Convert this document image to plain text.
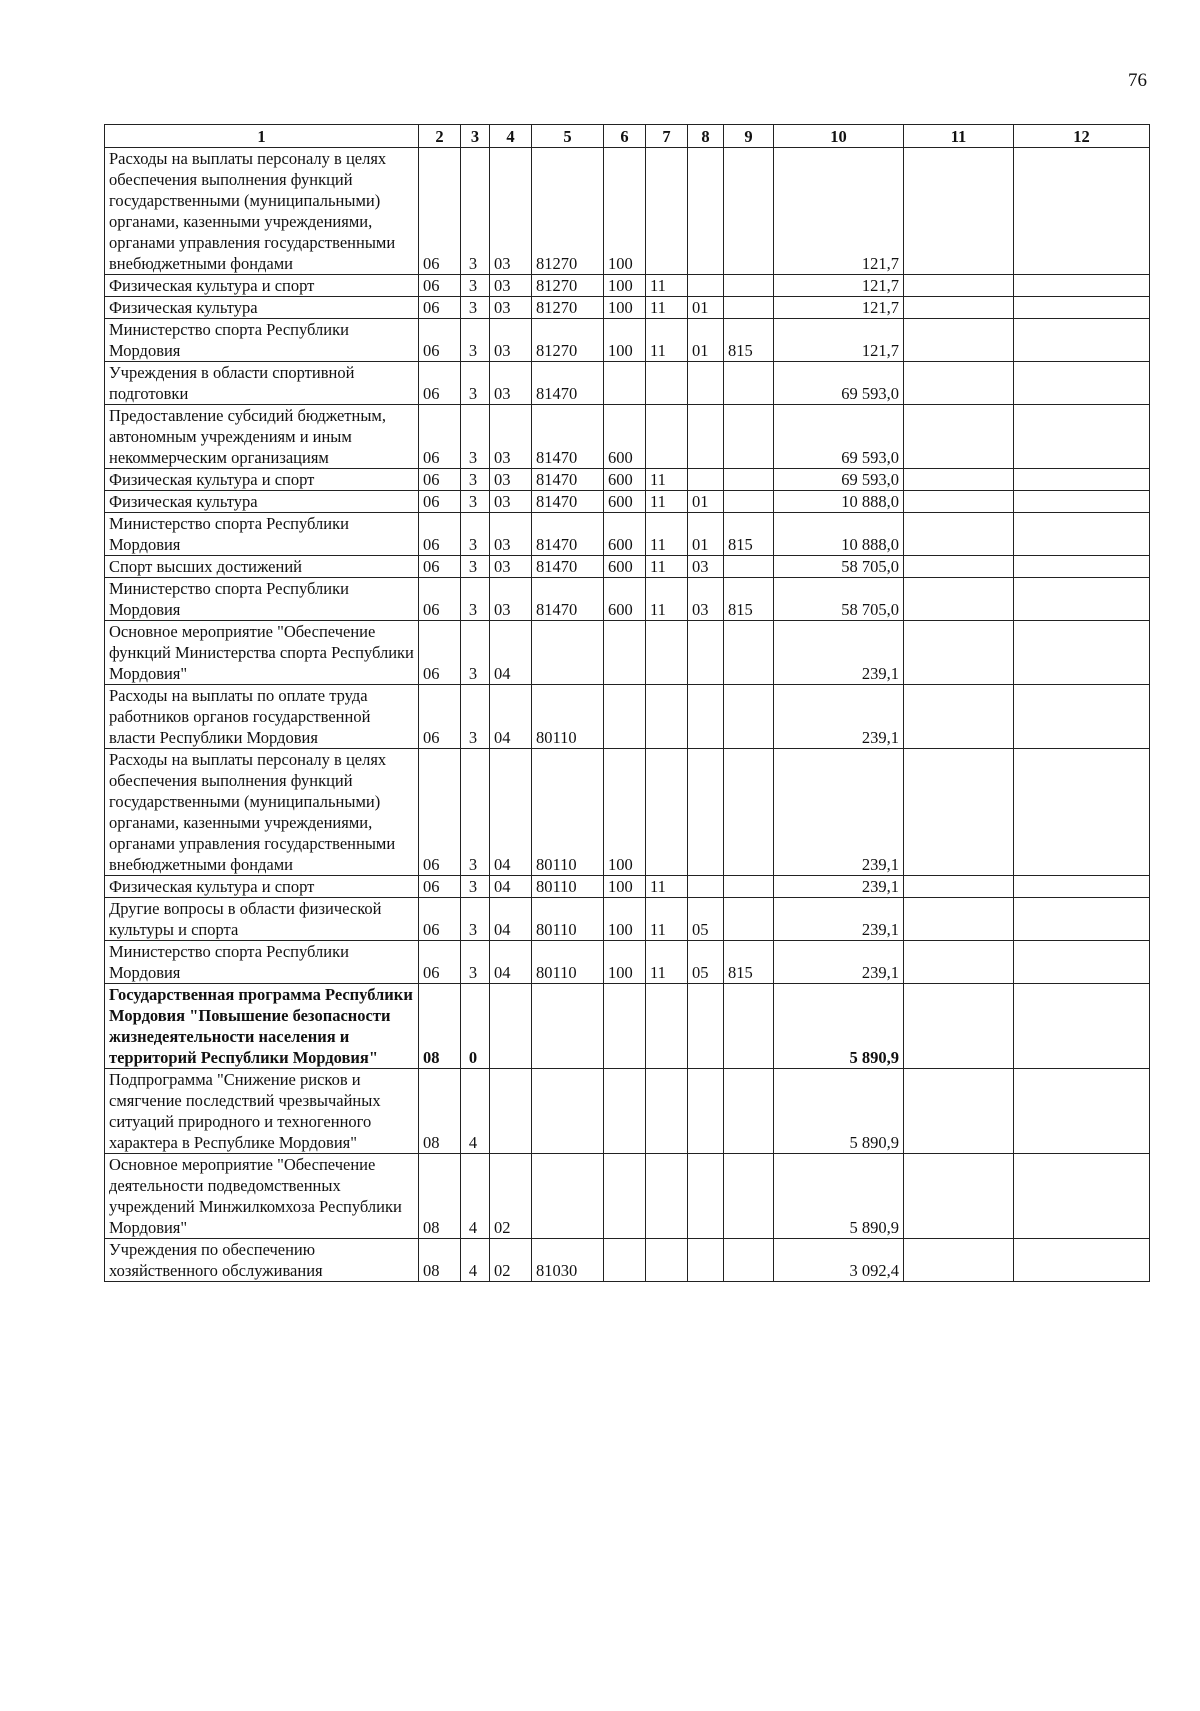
76
1	2	3	4	5	6	7	8	9	10	11	12
Расходы на выплаты персоналу в целях обеспечения выполнения функций государственными (муниципальными) органами, казенными учреждениями, органами управления государственными внебюджетными фондами	06	3	03	81270	100				121,7		
Физическая культура и спорт	06	3	03	81270	100	11			121,7		
Физическая культура	06	3	03	81270	100	11	01		121,7		
Министерство спорта Республики Мордовия	06	3	03	81270	100	11	01	815	121,7		
Учреждения в области спортивной подготовки	06	3	03	81470					69 593,0		
Предоставление субсидий бюджетным, автономным учреждениям и иным некоммерческим организациям	06	3	03	81470	600				69 593,0		
Физическая культура и спорт	06	3	03	81470	600	11			69 593,0		
Физическая культура	06	3	03	81470	600	11	01		10 888,0		
Министерство спорта Республики Мордовия	06	3	03	81470	600	11	01	815	10 888,0		
Спорт высших достижений	06	3	03	81470	600	11	03		58 705,0		
Министерство спорта Республики Мордовия	06	3	03	81470	600	11	03	815	58 705,0		
Основное мероприятие "Обеспечение функций Министерства спорта Республики Мордовия"	06	3	04						239,1		
Расходы на выплаты по оплате труда работников органов государственной власти Республики Мордовия	06	3	04	80110					239,1		
Расходы на выплаты персоналу в целях обеспечения выполнения функций государственными (муниципальными) органами, казенными учреждениями, органами управления государственными внебюджетными фондами	06	3	04	80110	100				239,1		
Физическая культура и спорт	06	3	04	80110	100	11			239,1		
Другие вопросы в области физической культуры и спорта	06	3	04	80110	100	11	05		239,1		
Министерство спорта Республики Мордовия	06	3	04	80110	100	11	05	815	239,1		
Государственная программа Республики Мордовия "Повышение безопасности жизнедеятельности населения и территорий Республики Мордовия"	08	0							5 890,9		
Подпрограмма "Снижение рисков и смягчение последствий чрезвычайных ситуаций природного и техногенного характера в Республике Мордовия"	08	4							5 890,9		
Основное мероприятие "Обеспечение деятельности подведомственных учреждений Минжилкомхоза Республики Мордовия"	08	4	02						5 890,9		
Учреждения по обеспечению хозяйственного обслуживания	08	4	02	81030					3 092,4		
